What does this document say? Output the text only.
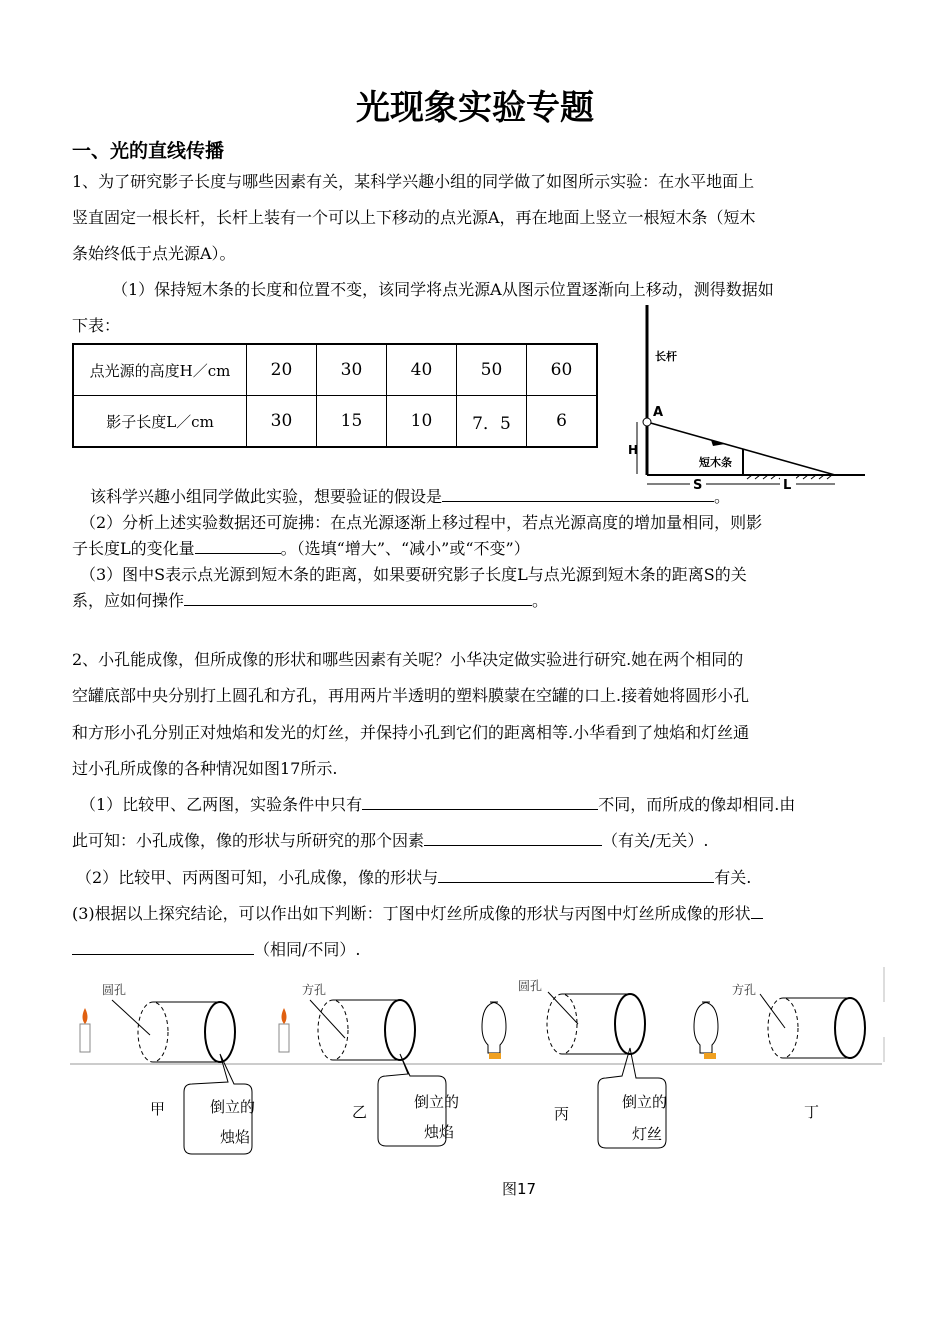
光现象实验专题
一、光的直线传播
1、为了研究影子长度与哪些因素有关，某科学兴趣小组的同学做了如图所示实验：在水平地面上
竖直固定一根长杆，长杆上装有一个可以上下移动的点光源A，再在地面上竖立一根短木条（短木
条始终低于点光源A）。
（1）保持短木条的长度和位置不变，该同学将点光源A从图示位置逐渐向上移动，测得数据如
下表：
点光源的高度H／cm	20	30	40	50	60
影子长度L／cm	30	15	10	7．5	6
长杆
A
H
短木条
S	L
该科学兴趣小组同学做此实验，想要验证的假设是	。
（2）分析上述实验数据还可旋拂：在点光源逐渐上移过程中，若点光源高度的增加量相同，则影
子长度L的变化量	。（选填“增大”、“减小”或“不变”）
（3）图中S表示点光源到短木条的距离，如果要研究影子长度L与点光源到短木条的距离S的关
系，应如何操作	。
2、小孔能成像，但所成像的形状和哪些因素有关呢？小华决定做实验进行研究.她在两个相同的
空罐底部中央分别打上圆孔和方孔，再用两片半透明的塑料膜蒙在空罐的口上.接着她将圆形小孔
和方形小孔分别正对烛焰和发光的灯丝，并保持小孔到它们的距离相等.小华看到了烛焰和灯丝通
过小孔所成像的各种情况如图17所示.
（1）比较甲、乙两图，实验条件中只有	不同，而所成的像却相同.由
此可知：小孔成像，像的形状与所研究的那个因素	（有关/无关）.
（2）比较甲、丙两图可知，小孔成像，像的形状与	有关.
(3)根据以上探究结论，可以作出如下判断：丁图中灯丝所成像的形状与丙图中灯丝所成像的形状
（相同/不同）.
圆孔	方孔	圆孔	方孔
甲	乙	丙	丁
倒立的
烛焰
倒立的
烛焰
倒立的
灯丝
图17
